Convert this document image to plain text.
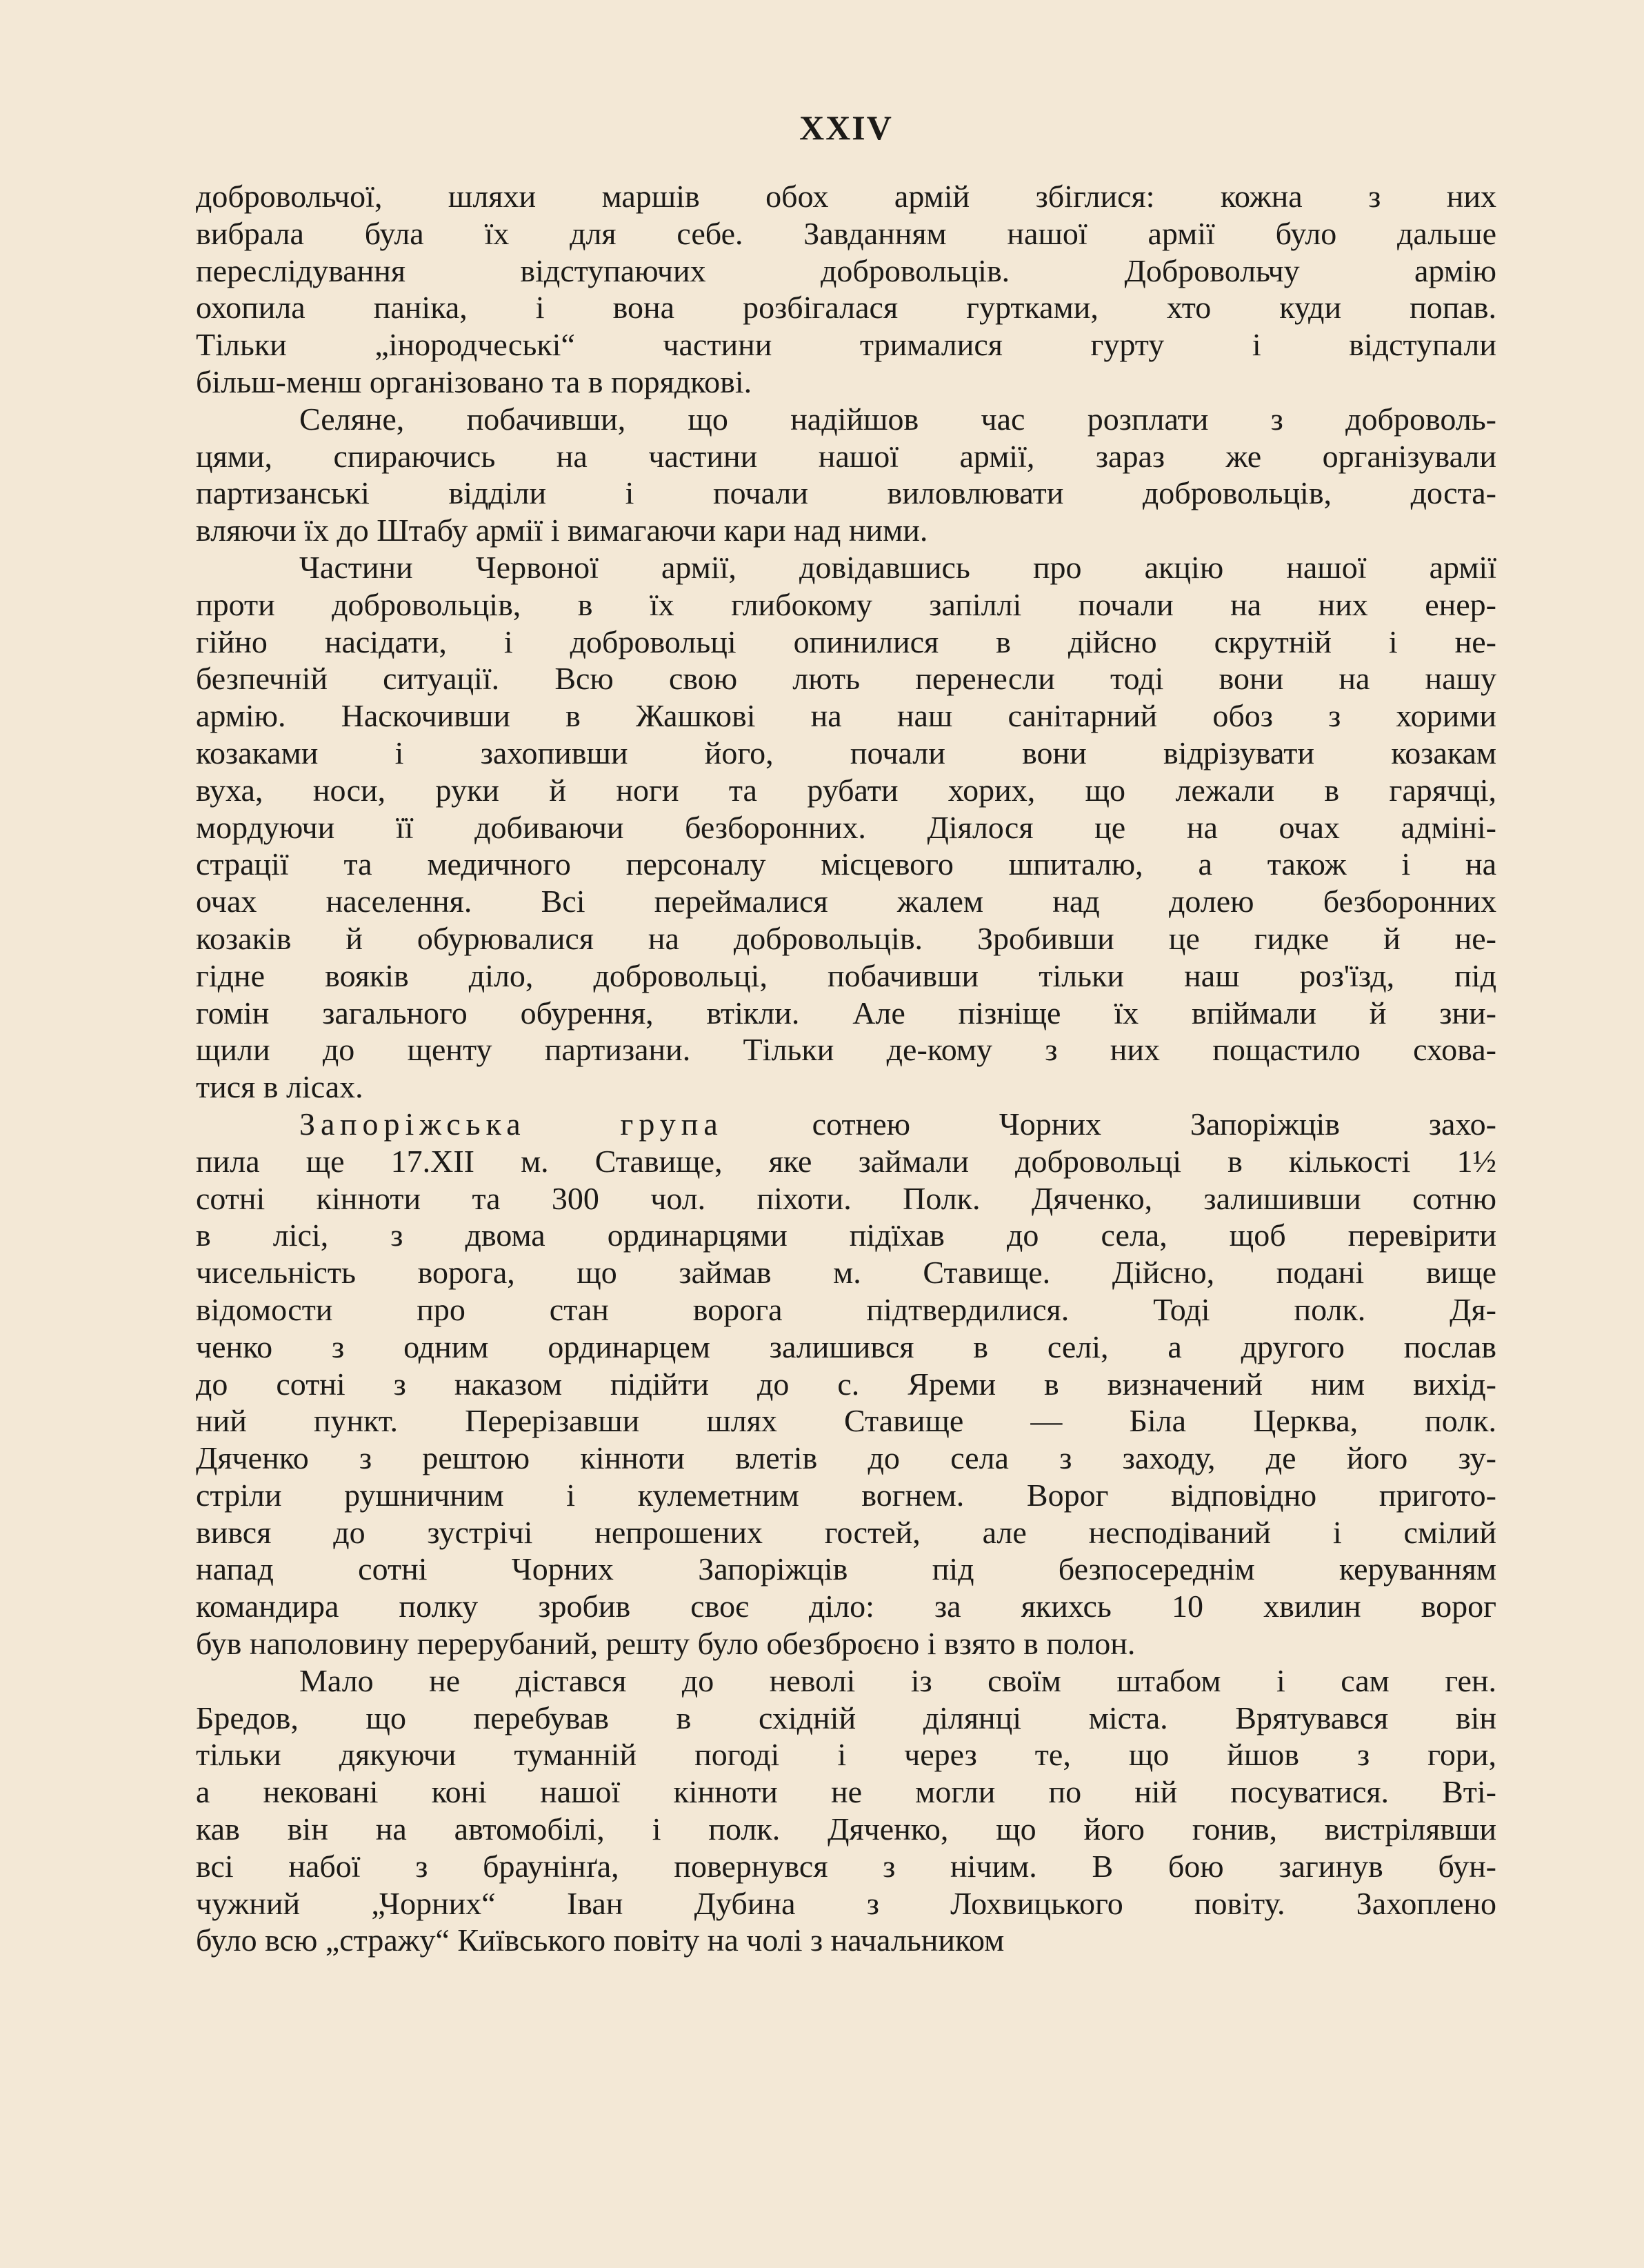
XXIV
добровольчої, шляхи маршів обох армій збіглися: кожна з них
вибрала була їх для себе. Завданням нашої армії було дальше
переслідування відступаючих добровольців. Добровольчу армію
охопила паніка, і вона розбігалася гуртками, хто куди попав.
Тільки „інородчеські“ частини трималися гурту і відступали
більш-менш організовано та в порядкові.
Селяне, побачивши, що надійшов час розплати з доброволь-
цями, спираючись на частини нашої армії, зараз же організували
партизанські відділи і почали виловлювати добровольців, доста-
вляючи їх до Штабу армії і вимагаючи кари над ними.
Частини Червоної армії, довідавшись про акцію нашої армії
проти добровольців, в їх глибокому запіллі почали на них енер-
гійно насідати, і добровольці опинилися в дійсно скрутній і не-
безпечній ситуації. Всю свою лють перенесли тоді вони на нашу
армію. Наскочивши в Жашкові на наш санітарний обоз з хорими
козаками і захопивши його, почали вони відрізувати козакам
вуха, носи, руки й ноги та рубати хорих, що лежали в гарячці,
мордуючи її добиваючи безборонних. Діялося це на очах адміні-
страції та медичного персоналу місцевого шпиталю, а також і на
очах населення. Всі переймалися жалем над долею безборонних
козаків й обурювалися на добровольців. Зробивши це гидке й не-
гідне вояків діло, добровольці, побачивши тільки наш роз'їзд, під
гомін загального обурення, втікли. Але пізніще їх впіймали й зни-
щили до щенту партизани. Тільки де-кому з них пощастило схова-
тися в лісах.
Запоріжська група сотнею Чорних Запоріжців захо-
пила ще 17.XII м. Ставище, яке займали добровольці в кількості 1½
сотні кінноти та 300 чол. піхоти. Полк. Дяченко, залишивши сотню
в лісі, з двома ординарцями підїхав до села, щоб перевірити
чисельність ворога, що займав м. Ставище. Дійсно, подані вище
відомости про стан ворога підтвердилися. Тоді полк. Дя-
ченко з одним ординарцем залишився в селі, а другого послав
до сотні з наказом підійти до с. Яреми в визначений ним вихід-
ний пункт. Перерізавши шлях Ставище — Біла Церква, полк.
Дяченко з рештою кінноти влетів до села з заходу, де його зу-
стріли рушничним і кулеметним вогнем. Ворог відповідно пригото-
вився до зустрічі непрошених гостей, але несподіваний і смілий
напад сотні Чорних Запоріжців під безпосереднім керуванням
командира полку зробив своє діло: за якихсь 10 хвилин ворог
був наполовину перерубаний, решту було обезброєно і взято в полон.
Мало не дістався до неволі із своїм штабом і сам ген.
Бредов, що перебував в східній ділянці міста. Врятувався він
тільки дякуючи туманній погоді і через те, що йшов з гори,
а нековані коні нашої кінноти не могли по ній посуватися. Вті-
кав він на автомобілі, і полк. Дяченко, що його гонив, вистрілявши
всі набої з браунінґа, повернувся з нічим. В бою загинув бун-
чужний „Чорних“ Іван Дубина з Лохвицького повіту. Захоплено
було всю „стражу“ Київського повіту на чолі з начальником
